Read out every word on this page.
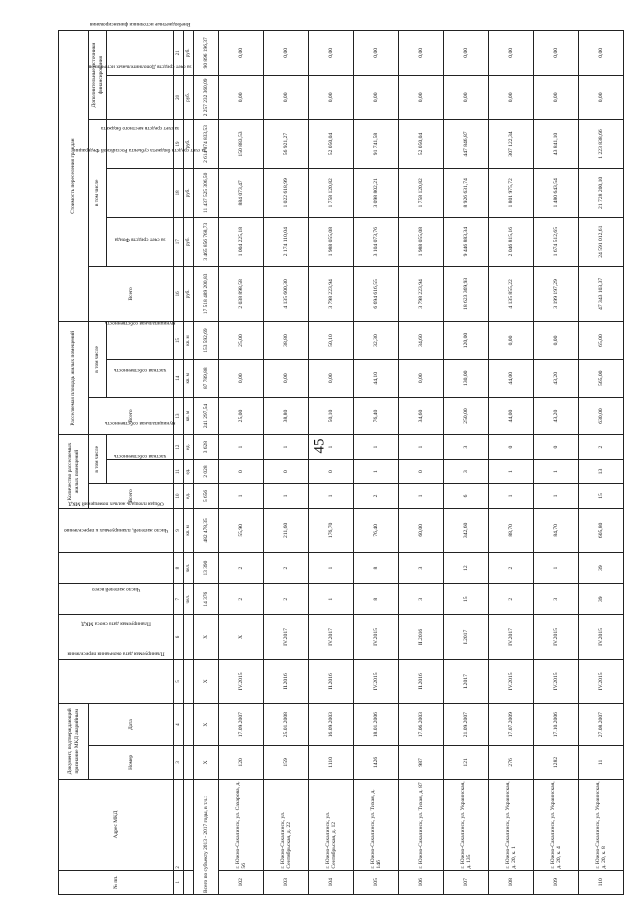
45
№ пп.	Адрес МКД	Документ, подтверждающий признание МКД аварийным		Планируемая дата окончания переселения	Планируемая дата сноса МКД	Число жителей всего	Число жителей, планируемых к переселению	Общая площадь жилых помещений МКД	Количество расселяемых жилых помещений			Расселяемая площадь жилых помещений			Стоимость переселения граждан					
		Номер	Дата						Всего	в том числе		Всего	в том числе		Всего	в том числе			Дополнительные источники финансирования	
										частная собственность	муниципальная собственность		частная собственность	муниципальная собственность		за счет средств Фонда	за счет средств бюджета субъекта Российской Федерации	за счет средств местного бюджета	за счет средств Дополнительных источников	Внебюджетные источники финансирования
1	2	3	4	5	6	7	8	9	10	11	12	13	14	15	16	17	18	19	20	21
						чел.	чел.	кв. м	ед.	ед.	ед.	кв. м	кв. м	кв. м	руб.	руб.	руб.	руб.	руб.	руб.
Всего по субъекту 2013 - 2017 годы, в т.ч.:		X	X	X	X	14 376	13 390	482 478,35	5 656	2 028	3 628	241 297,54	87 789,88	153 592,69	17 518 489 200,83	3 465 856 768,73	11 437 525 306,50	2 614 874 833,53	2 257 232 360,09	90 896 196,37
102	г. Южно-Сахалинск, ул. Сахарова, д. 56	120	17.09.2007	IV.2015	X	2	2	55,90	1	0	1	25,00	0,00	25,00	2 038 898,58	1 004 225,18	884 073,47	150 883,53	0,00	0,00
103	г. Южно-Сахалинск, ул. Сентябрьская, д. 22	159	25.01.2008	II.2016	IV.2017	2	2	211,60	1	0	1	38,80	0,00	38,80	4 135 600,30	2 174 110,04	1 022 618,99	56 921,27	0,00	0,00
104	г. Южно-Сахалинск, ул. Сентябрьская, д. 12	1110	16.09.2003	II.2016	IV.2017	1	1	176,70	1	0	1	50,10	0,00	50,10	3 798 223,94	1 988 055,08	1 758 120,82	52 050,04	0,00	0,00
105	г. Южно-Сахалинск, ул. Тихая, д. 14б	1426	18.01.2006	IV.2015	IV.2015	8	8	76,40	2	1	1	76,40	44,10	32,30	6 694 616,55	3 104 073,76	3 098 802,21	91 741,58	0,00	0,00
106	г. Южно-Сахалинск, ул. Тихая, д. 87	987	17.06.2003	II.2016	II.2016	3	3	60,00	1	0	1	34,60	0,00	34,60	3 798 223,94	1 988 055,08	1 758 120,82	52 050,04	0,00	0,00
107	г. Южно-Сахалинск, ул. Украинская, д. 135	121	21.09.2007	I.2017	I.2017	15	12	342,60	6	3	3	250,00	130,00	120,00	18 623 369,93	9 446 883,34	8 926 631,74	447 846,87	0,00	0,00
108	г. Южно-Сахалинск, ул. Украинская, д. 20, к. 1	276	17.07.2009	IV.2015	IV.2017	2	2	88,70	1	1	0	44,00	44,00	0,00	4 135 855,22	2 046 815,16	1 801 975,72	307 122,34	0,00	0,00
109	г. Южно-Сахалинск, ул. Украинская, д. 20, к. 4	1282	17.10.2006	IV.2015	IV.2015	3	1	84,70	1	1	0	43,20	43,20	0,00	3 199 197,29	1 674 512,65	1 480 643,54	43 841,10	0,00	0,00
110	г. Южно-Сахалинск, ул. Украинская, д. 20, к. 8	11	27.08.2007	IV.2015	IV.2015	39	39	605,80	15	13	2	630,00	565,00	65,00	47 343 103,37	24 591 012,61	21 728 200,10	1 223 838,66	0,00	0,00
